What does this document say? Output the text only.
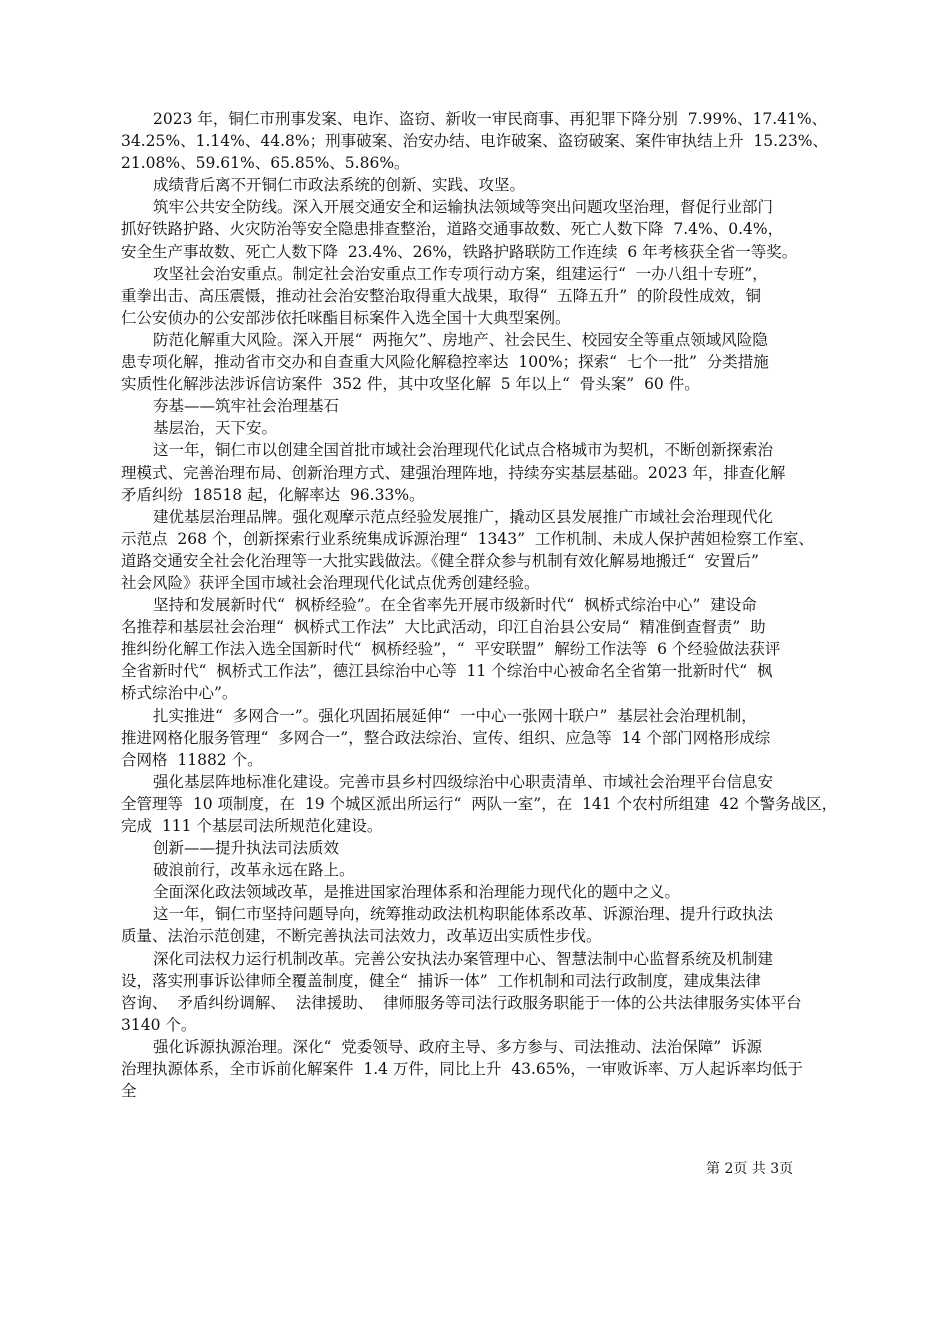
2023 年，铜仁市刑事发案、电诈、盗窃、新收一审民商事、再犯罪下降分别  7.99%、17.41%、
34.25%、1.14%、44.8%；刑事破案、治安办结、电诈破案、盗窃破案、案件审执结上升  15.23%、
21.08%、59.61%、65.85%、5.86%。
成绩背后离不开铜仁市政法系统的创新、实践、攻坚。
筑牢公共安全防线。深入开展交通安全和运输执法领域等突出问题攻坚治理，督促行业部门
抓好铁路护路、火灾防治等安全隐患排查整治，道路交通事故数、死亡人数下降  7.4%、0.4%，
安全生产事故数、死亡人数下降  23.4%、26%，铁路护路联防工作连续  6 年考核获全省一等奖。
攻坚社会治安重点。制定社会治安重点工作专项行动方案，组建运行“  一办八组十专班”，
重拳出击、高压震慑，推动社会治安整治取得重大战果，取得“  五降五升”  的阶段性成效，铜
仁公安侦办的公安部涉依托咪酯目标案件入选全国十大典型案例。
防范化解重大风险。深入开展“  两拖欠”、房地产、社会民生、校园安全等重点领域风险隐
患专项化解，推动省市交办和自查重大风险化解稳控率达  100%；探索“  七个一批”  分类措施
实质性化解涉法涉诉信访案件  352 件，其中攻坚化解  5 年以上“  骨头案”  60 件。
夯基——筑牢社会治理基石
基层治，天下安。
这一年，铜仁市以创建全国首批市域社会治理现代化试点合格城市为契机，不断创新探索治
理模式、完善治理布局、创新治理方式、建强治理阵地，持续夯实基层基础。2023 年，排查化解
矛盾纠纷  18518 起，化解率达  96.33%。
建优基层治理品牌。强化观摩示范点经验发展推广，撬动区县发展推广市域社会治理现代化
示范点  268 个，创新探索行业系统集成诉源治理“  1343”  工作机制、未成人保护茜妲检察工作室、
道路交通安全社会化治理等一大批实践做法。《健全群众参与机制有效化解易地搬迁“  安置后”
社会风险》获评全国市域社会治理现代化试点优秀创建经验。
坚持和发展新时代“  枫桥经验”。在全省率先开展市级新时代“  枫桥式综治中心”  建设命
名推荐和基层社会治理“  枫桥式工作法”  大比武活动，印江自治县公安局“  精准倒查督责”  助
推纠纷化解工作法入选全国新时代“  枫桥经验”，“  平安联盟”  解纷工作法等  6 个经验做法获评
全省新时代“  枫桥式工作法”，德江县综治中心等  11 个综治中心被命名全省第一批新时代“  枫
桥式综治中心”。
扎实推进“  多网合一”。强化巩固拓展延伸“  一中心一张网十联户”  基层社会治理机制，
推进网格化服务管理“  多网合一”，整合政法综治、宣传、组织、应急等  14 个部门网格形成综
合网格  11882 个。
强化基层阵地标准化建设。完善市县乡村四级综治中心职责清单、市域社会治理平台信息安
全管理等  10 项制度，在  19 个城区派出所运行“  两队一室”，在  141 个农村所组建  42 个警务战区，
完成  111 个基层司法所规范化建设。
创新——提升执法司法质效
破浪前行，改革永远在路上。
全面深化政法领域改革，是推进国家治理体系和治理能力现代化的题中之义。
这一年，铜仁市坚持问题导向，统筹推动政法机构职能体系改革、诉源治理、提升行政执法
质量、法治示范创建，不断完善执法司法效力，改革迈出实质性步伐。
深化司法权力运行机制改革。完善公安执法办案管理中心、智慧法制中心监督系统及机制建
设，落实刑事诉讼律师全覆盖制度，健全“  捕诉一体”  工作机制和司法行政制度，建成集法律
咨询、  矛盾纠纷调解、  法律援助、  律师服务等司法行政服务职能于一体的公共法律服务实体平台
3140 个。
强化诉源执源治理。深化“  党委领导、政府主导、多方参与、司法推动、法治保障”  诉源
治理执源体系，全市诉前化解案件  1.4 万件，同比上升  43.65%，一审败诉率、万人起诉率均低于
全
第 2页 共 3页
